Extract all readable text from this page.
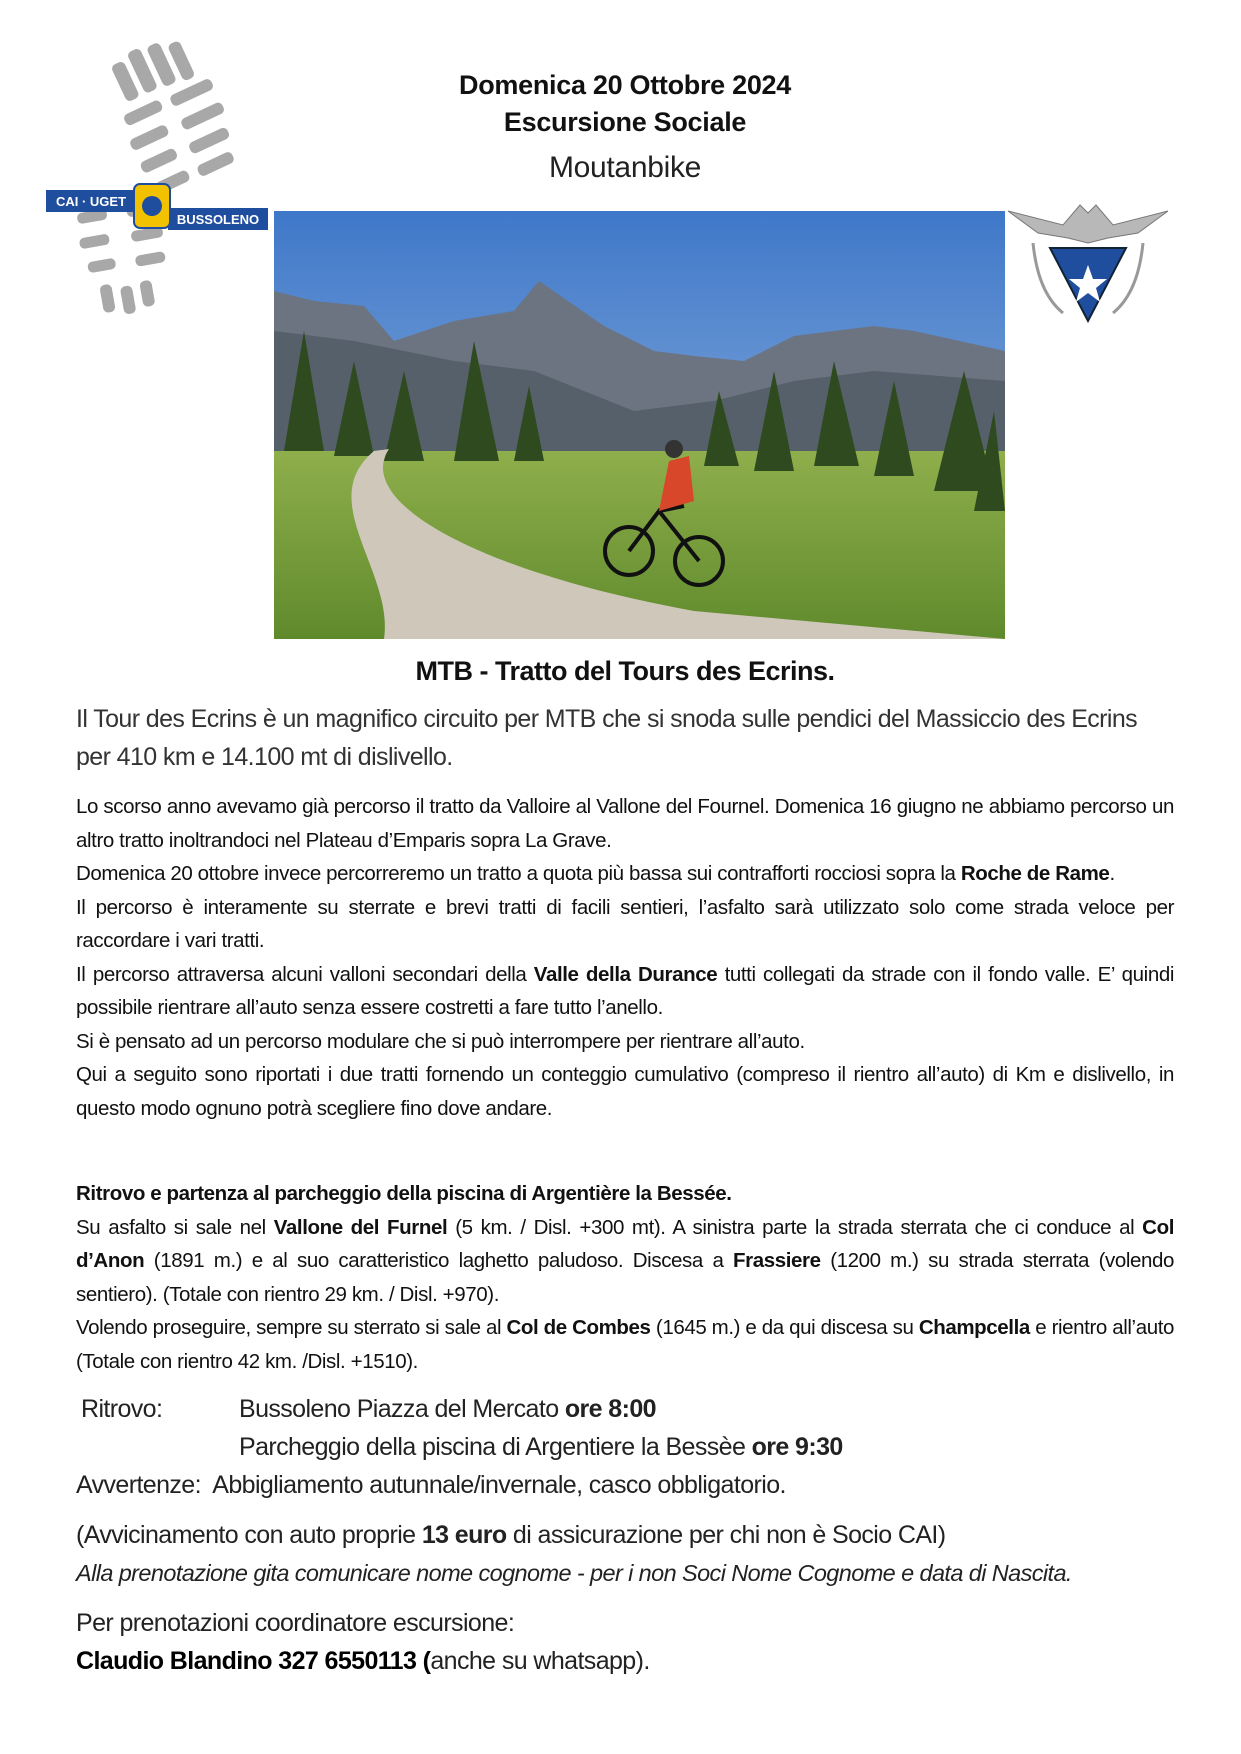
CAI · UGET
BUSSOLENO
Domenica 20 Ottobre 2024
Escursione Sociale
Moutanbike
MTB - Tratto del Tours des Ecrins.
Il Tour des Ecrins è un magnifico circuito per MTB che si snoda sulle pendici del Massiccio des Ecrins per 410 km e 14.100 mt di dislivello.

Lo scorso anno avevamo già percorso il tratto da Valloire al Vallone del Fournel. Domenica 16 giugno ne abbiamo percorso un altro tratto inoltrandoci nel Plateau d’Emparis sopra La Grave.

Domenica 20 ottobre invece percorreremo un tratto a quota più bassa sui contrafforti rocciosi sopra la Roche de Rame.

Il percorso è interamente su sterrate e brevi tratti di facili sentieri, l’asfalto sarà utilizzato solo come strada veloce per raccordare i vari tratti.

Il percorso attraversa alcuni valloni secondari della Valle della Durance tutti collegati da strade con il fondo valle. E’ quindi possibile rientrare all’auto senza essere costretti a fare tutto l’anello.

Si è pensato ad un percorso modulare che si può interrompere per rientrare all’auto.

Qui a seguito sono riportati i due tratti fornendo un conteggio cumulativo (compreso il rientro all’auto) di Km e dislivello, in questo modo ognuno potrà scegliere fino dove andare.

Ritrovo e partenza al parcheggio della piscina di Argentière la Bessée.

Su asfalto si sale nel Vallone del Furnel (5 km. / Disl. +300 mt). A sinistra parte la strada sterrata che ci conduce al Col d’Anon (1891 m.) e al suo caratteristico laghetto paludoso. Discesa a Frassiere (1200 m.) su strada sterrata (volendo sentiero). (Totale con rientro 29 km. / Disl. +970).

Volendo proseguire, sempre su sterrato si sale al Col de Combes (1645 m.) e da qui discesa su Champcella e rientro all’auto (Totale con rientro 42 km. /Disl. +1510).

Ritrovo:	Bussoleno Piazza del Mercato ore 8:00
Parcheggio della piscina di Argentiere la Bessèe ore 9:30
Avvertenze: Abbigliamento autunnale/invernale, casco obbligatorio.
(Avvicinamento con auto proprie 13 euro di assicurazione per chi non è Socio CAI)
Alla prenotazione gita comunicare nome cognome - per i non Soci Nome Cognome e data di Nascita.
Per prenotazioni coordinatore escursione:
Claudio Blandino 327 6550113 (anche su whatsapp).
